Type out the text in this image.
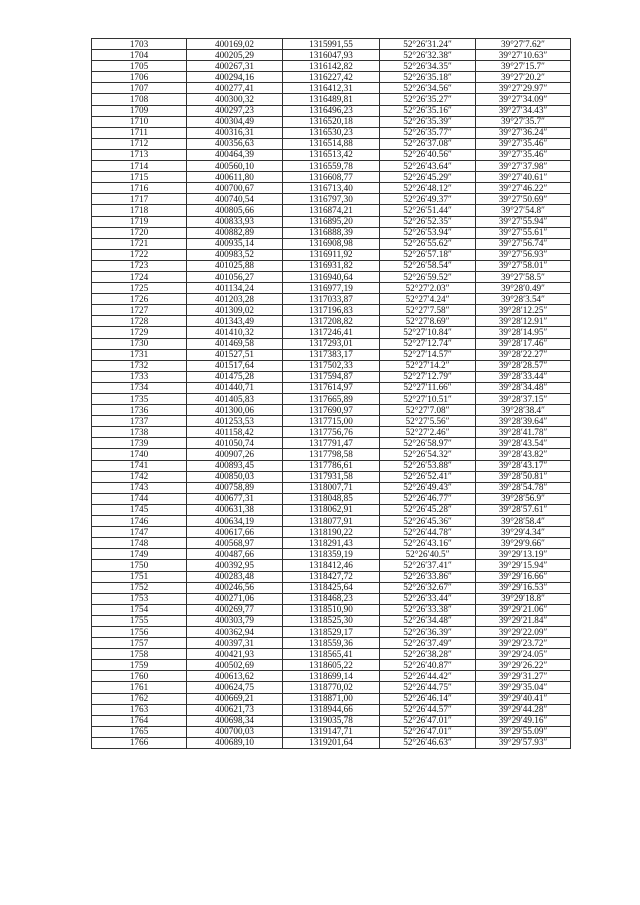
1703	400169,02	1315991,55	52°26′31.24″	39°27′7.62″
1704	400205,29	1316047,93	52°26′32.38″	39°27′10.63″
1705	400267,31	1316142,82	52°26′34.35″	39°27′15.7″
1706	400294,16	1316227,42	52°26′35.18″	39°27′20.2″
1707	400277,41	1316412,31	52°26′34.56″	39°27′29.97″
1708	400300,32	1316489,81	52°26′35.27″	39°27′34.09″
1709	400297,23	1316496,23	52°26′35.16″	39°27′34.43″
1710	400304,49	1316520,18	52°26′35.39″	39°27′35.7″
1711	400316,31	1316530,23	52°26′35.77″	39°27′36.24″
1712	400356,63	1316514,88	52°26′37.08″	39°27′35.46″
1713	400464,39	1316513,42	52°26′40.56″	39°27′35.46″
1714	400560,10	1316559,78	52°26′43.64″	39°27′37.98″
1715	400611,80	1316608,77	52°26′45.29″	39°27′40.61″
1716	400700,67	1316713,40	52°26′48.12″	39°27′46.22″
1717	400740,54	1316797,30	52°26′49.37″	39°27′50.69″
1718	400805,66	1316874,21	52°26′51.44″	39°27′54.8″
1719	400833,93	1316895,20	52°26′52.35″	39°27′55.94″
1720	400882,89	1316888,39	52°26′53.94″	39°27′55.61″
1721	400935,14	1316908,98	52°26′55.62″	39°27′56.74″
1722	400983,52	1316911,92	52°26′57.18″	39°27′56.93″
1723	401025,88	1316931,82	52°26′58.54″	39°27′58.01″
1724	401056,27	1316940,64	52°26′59.52″	39°27′58.5″
1725	401134,24	1316977,19	52°27′2.03″	39°28′0.49″
1726	401203,28	1317033,87	52°27′4.24″	39°28′3.54″
1727	401309,02	1317196,83	52°27′7.58″	39°28′12.25″
1728	401343,49	1317208,82	52°27′8.69″	39°28′12.91″
1729	401410,32	1317246,41	52°27′10.84″	39°28′14.95″
1730	401469,58	1317293,01	52°27′12.74″	39°28′17.46″
1731	401527,51	1317383,17	52°27′14.57″	39°28′22.27″
1732	401517,64	1317502,33	52°27′14.2″	39°28′28.57″
1733	401475,28	1317594,87	52°27′12.79″	39°28′33.44″
1734	401440,71	1317614,97	52°27′11.66″	39°28′34.48″
1735	401405,83	1317665,89	52°27′10.51″	39°28′37.15″
1736	401300,06	1317690,97	52°27′7.08″	39°28′38.4″
1737	401253,53	1317715,00	52°27′5.56″	39°28′39.64″
1738	401158,42	1317756,76	52°27′2.46″	39°28′41.78″
1739	401050,74	1317791,47	52°26′58.97″	39°28′43.54″
1740	400907,26	1317798,58	52°26′54.32″	39°28′43.82″
1741	400893,45	1317786,61	52°26′53.88″	39°28′43.17″
1742	400850,03	1317931,58	52°26′52.41″	39°28′50.81″
1743	400758,89	1318007,71	52°26′49.43″	39°28′54.78″
1744	400677,31	1318048,85	52°26′46.77″	39°28′56.9″
1745	400631,38	1318062,91	52°26′45.28″	39°28′57.61″
1746	400634,19	1318077,91	52°26′45.36″	39°28′58.4″
1747	400617,66	1318190,22	52°26′44.78″	39°29′4.34″
1748	400568,97	1318291,43	52°26′43.16″	39°29′9.66″
1749	400487,66	1318359,19	52°26′40.5″	39°29′13.19″
1750	400392,95	1318412,46	52°26′37.41″	39°29′15.94″
1751	400283,48	1318427,72	52°26′33.86″	39°29′16.66″
1752	400246,56	1318425,64	52°26′32.67″	39°29′16.53″
1753	400271,06	1318468,23	52°26′33.44″	39°29′18.8″
1754	400269,77	1318510,90	52°26′33.38″	39°29′21.06″
1755	400303,79	1318525,30	52°26′34.48″	39°29′21.84″
1756	400362,94	1318529,17	52°26′36.39″	39°29′22.09″
1757	400397,31	1318559,36	52°26′37.49″	39°29′23.72″
1758	400421,93	1318565,41	52°26′38.28″	39°29′24.05″
1759	400502,69	1318605,22	52°26′40.87″	39°29′26.22″
1760	400613,62	1318699,14	52°26′44.42″	39°29′31.27″
1761	400624,75	1318770,02	52°26′44.75″	39°29′35.04″
1762	400669,21	1318871,00	52°26′46.14″	39°29′40.41″
1763	400621,73	1318944,66	52°26′44.57″	39°29′44.28″
1764	400698,34	1319035,78	52°26′47.01″	39°29′49.16″
1765	400700,03	1319147,71	52°26′47.01″	39°29′55.09″
1766	400689,10	1319201,64	52°26′46.63″	39°29′57.93″
